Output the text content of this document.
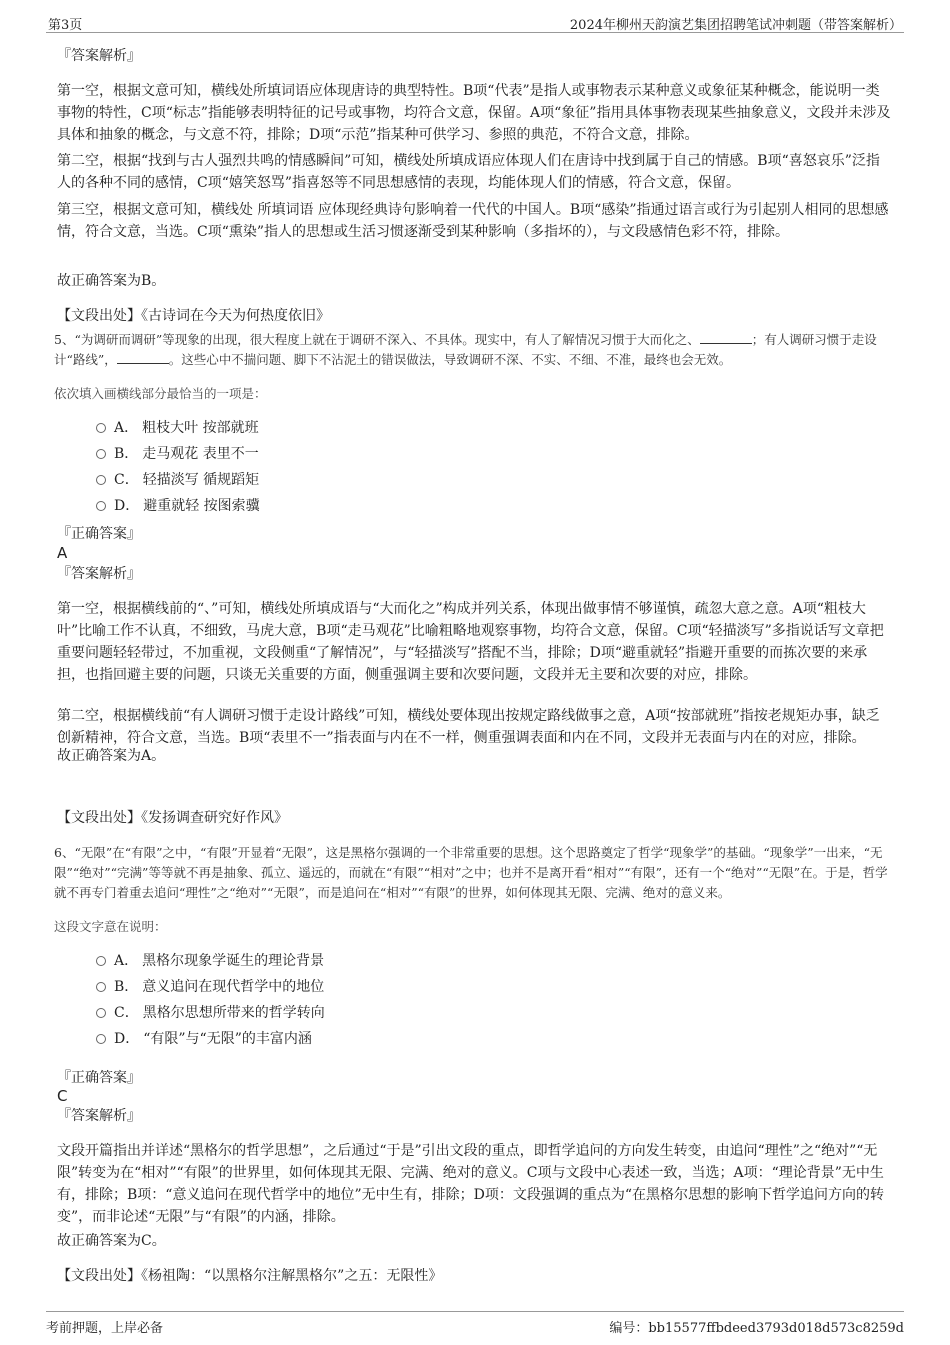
第3页	2024年柳州天韵演艺集团招聘笔试冲刺题（带答案解析）
『答案解析』

第一空，根据文意可知，横线处所填词语应体现唐诗的典型特性。B项“代表”是指人或事物表示某种意义或象征某种概念，能说明一类事物的特性，C项“标志”指能够表明特征的记号或事物，均符合文意，保留。A项“象征”指用具体事物表现某些抽象意义，文段并未涉及具体和抽象的概念，与文意不符，排除；D项“示范”指某种可供学习、参照的典范，不符合文意，排除。

第二空，根据“找到与古人强烈共鸣的情感瞬间”可知，横线处所填成语应体现人们在唐诗中找到属于自己的情感。B项“喜怒哀乐”泛指人的各种不同的感情，C项“嬉笑怒骂”指喜怒等不同思想感情的表现，均能体现人们的情感，符合文意，保留。

第三空，根据文意可知，横线处 所填词语 应体现经典诗句影响着一代代的中国人。B项“感染”指通过语言或行为引起别人相同的思想感情，符合文意，当选。C项“熏染”指人的思想或生活习惯逐渐受到某种影响（多指坏的），与文段感情色彩不符，排除。

故正确答案为B。
【文段出处】《古诗词在今天为何热度依旧》
5、“为调研而调研”等现象的出现，很大程度上就在于调研不深入、不具体。现实中，有人了解情况习惯于大而化之、	；有人调研习惯于走设计“路线”，	。这些心中不揣问题、脚下不沾泥土的错误做法，导致调研不深、不实、不细、不准，最终也会无效。
依次填入画横线部分最恰当的一项是：
A． 粗枝大叶 按部就班
B． 走马观花 表里不一
C． 轻描淡写 循规蹈矩
D． 避重就轻 按图索骥
『正确答案』
A
『答案解析』

第一空，根据横线前的“、”可知，横线处所填成语与“大而化之”构成并列关系，体现出做事情不够谨慎，疏忽大意之意。A项“粗枝大叶”比喻工作不认真，不细致，马虎大意，B项“走马观花”比喻粗略地观察事物，均符合文意，保留。C项“轻描淡写”多指说话写文章把重要问题轻轻带过，不加重视，文段侧重“了解情况”，与“轻描淡写”搭配不当，排除；D项“避重就轻”指避开重要的而拣次要的来承担，也指回避主要的问题，只谈无关重要的方面，侧重强调主要和次要问题，文段并无主要和次要的对应，排除。

第二空，根据横线前“有人调研习惯于走设计路线”可知，横线处要体现出按规定路线做事之意，A项“按部就班”指按老规矩办事，缺乏创新精神，符合文意，当选。B项“表里不一”指表面与内在不一样，侧重强调表面和内在不同，文段并无表面与内在的对应，排除。

故正确答案为A。
【文段出处】《发扬调查研究好作风》
6、“无限”在“有限”之中，“有限”开显着“无限”，这是黑格尔强调的一个非常重要的思想。这个思路奠定了哲学“现象学”的基础。“现象学”一出来，“无限”“绝对”“完满”等等就不再是抽象、孤立、遥远的，而就在“有限”“相对”之中；也并不是离开看“相对”“有限”，还有一个“绝对”“无限”在。于是，哲学就不再专门着重去追问“理性”之“绝对”“无限”，而是追问在“相对”“有限”的世界，如何体现其无限、完满、绝对的意义来。
这段文字意在说明：
A． 黑格尔现象学诞生的理论背景
B． 意义追问在现代哲学中的地位
C． 黑格尔思想所带来的哲学转向
D． “有限”与“无限”的丰富内涵
『正确答案』
C
『答案解析』

文段开篇指出并详述“黑格尔的哲学思想”，之后通过“于是”引出文段的重点，即哲学追问的方向发生转变，由追问“理性”之“绝对”“无限”转变为在“相对”“有限”的世界里，如何体现其无限、完满、绝对的意义。C项与文段中心表述一致，当选；A项：“理论背景”无中生有，排除；B项：“意义追问在现代哲学中的地位”无中生有，排除；D项：文段强调的重点为“在黑格尔思想的影响下哲学追问方向的转变”，而非论述“无限”与“有限”的内涵，排除。

故正确答案为C。
【文段出处】《杨祖陶：“以黑格尔注解黑格尔”之五：无限性》
考前押题，上岸必备	编号：bb15577ffbdeed3793d018d573c8259d
